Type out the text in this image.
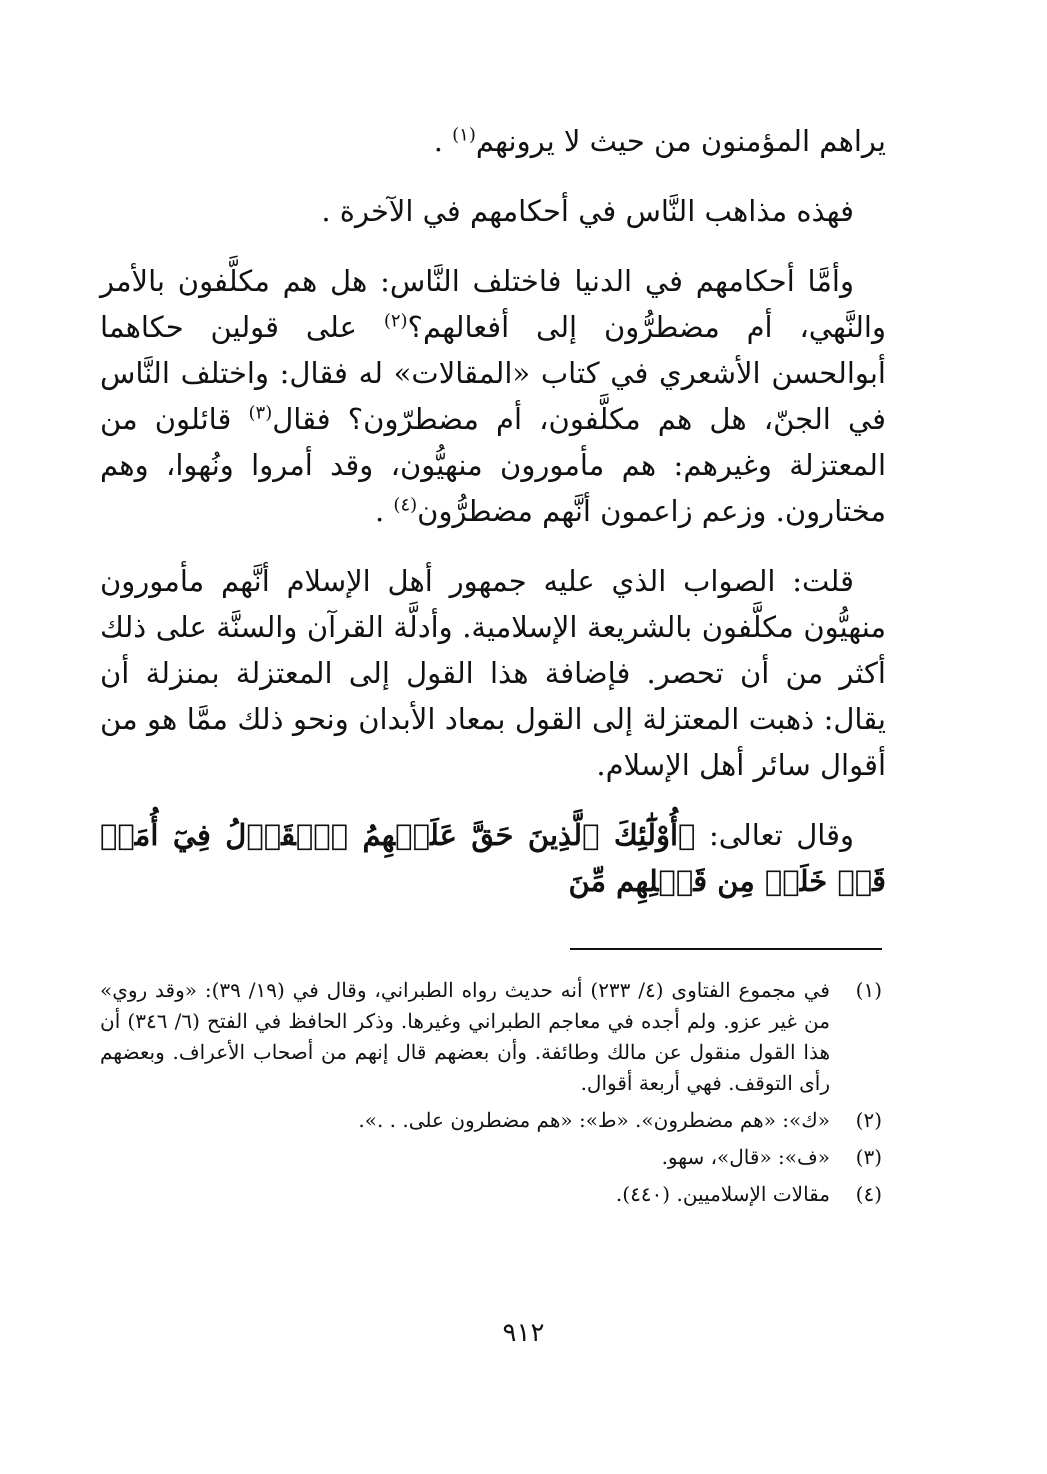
يراهم المؤمنون من حيث لا يرونهم$^{(١)}$ .

فهذه مذاهب النَّاس في أحكامهم في الآخرة .

وأمَّا أحكامهم في الدنيا فاختلف النَّاس: هل هم مكلَّفون بالأمر والنَّهي، أم مضطرُّون إلى أفعالهم؟$^{(٢)}$ على قولين حكاهما أبوالحسن الأشعري في كتاب «المقالات» له فقال: واختلف النَّاس في الجنّ، هل هم مكلَّفون، أم مضطرّون؟ فقال$^{(٣)}$ قائلون من المعتزلة وغيرهم: هم مأمورون منهيُّون، وقد أمروا ونُهوا، وهم مختارون. وزعم زاعمون أنَّهم مضطرُّون$^{(٤)}$ .

قلت: الصواب الذي عليه جمهور أهل الإسلام أنَّهم مأمورون منهيُّون مكلَّفون بالشريعة الإسلامية. وأدلَّة القرآن والسنَّة على ذلك أكثر من أن تحصر. فإضافة هذا القول إلى المعتزلة بمنزلة أن يقال: ذهبت المعتزلة إلى القول بمعاد الأبدان ونحو ذلك ممَّا هو من أقوال سائر أهل الإسلام.

وقال تعالى: ﴿أُوْلَٰٓئِكَ ٱلَّذِينَ حَقَّ عَلَيۡهِمُ ٱلۡقَوۡلُ فِيٓ أُمَمٖ قَدۡ خَلَتۡ مِن قَبۡلِهِم مِّنَ

(١)
في مجموع الفتاوى (٤/ ٢٣٣) أنه حديث رواه الطبراني، وقال في (١٩/ ٣٩): «وقد روي» من غير عزو. ولم أجده في معاجم الطبراني وغيرها. وذكر الحافظ في الفتح (٦/ ٣٤٦) أن هذا القول منقول عن مالك وطائفة. وأن بعضهم قال إنهم من أصحاب الأعراف. وبعضهم رأى التوقف. فهي أربعة أقوال.
(٢)
«ك»: «هم مضطرون». «ط»: «هم مضطرون على. . .».
(٣)
«ف»: «قال»، سهو.
(٤)
مقالات الإسلاميين. (٤٤٠).
٩١٢
